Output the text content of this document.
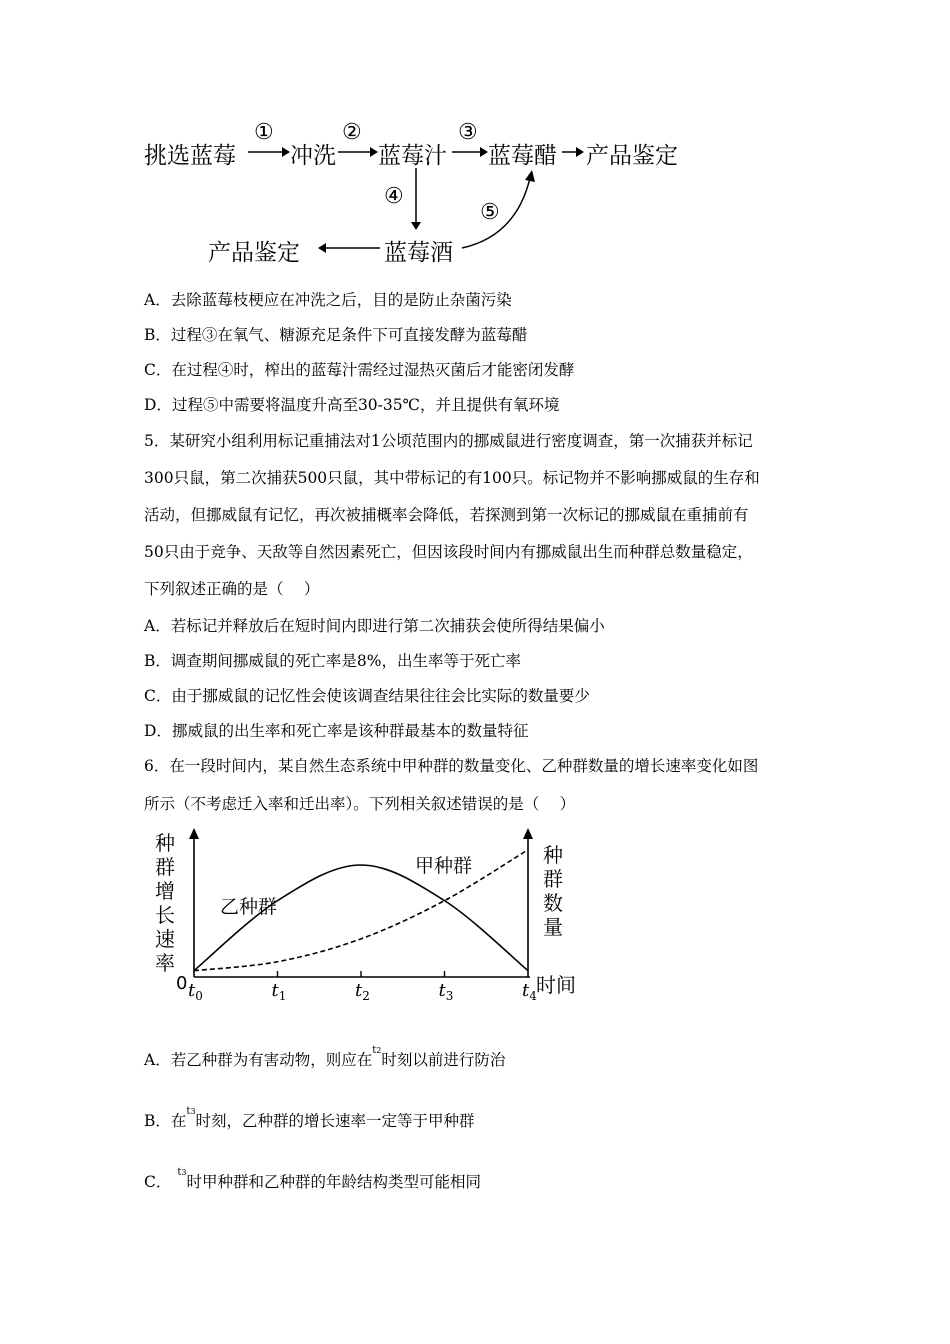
挑选蓝莓
①
冲洗
②
蓝莓汁
③
蓝莓醋 产品鉴定
④
⑤
产品鉴定	蓝莓酒
A．去除蓝莓枝梗应在冲洗之后，目的是防止杂菌污染
B．过程③在氧气、糖源充足条件下可直接发酵为蓝莓醋
C．在过程④时，榨出的蓝莓汁需经过湿热灭菌后才能密闭发酵
D．过程⑤中需要将温度升高至30-35℃，并且提供有氧环境
5．某研究小组利用标记重捕法对1公顷范围内的挪威鼠进行密度调查，第一次捕获并标记
300只鼠，第二次捕获500只鼠，其中带标记的有100只。标记物并不影响挪威鼠的生存和
活动，但挪威鼠有记忆，再次被捕概率会降低，若探测到第一次标记的挪威鼠在重捕前有
50只由于竞争、天敌等自然因素死亡，但因该段时间内有挪威鼠出生而种群总数量稳定，
下列叙述正确的是（　 ）
A．若标记并释放后在短时间内即进行第二次捕获会使所得结果偏小
B．调查期间挪威鼠的死亡率是8%，出生率等于死亡率
C．由于挪威鼠的记忆性会使该调查结果往往会比实际的数量要少
D．挪威鼠的出生率和死亡率是该种群最基本的数量特征
6．在一段时间内，某自然生态系统中甲种群的数量变化、乙种群数量的增长速率变化如图
所示（不考虑迁入率和迁出率）。下列相关叙述错误的是（　 ）
种
群
增
长
速
率
种
群
数
量
0	时间
$t_0$	$t_1$	$t_2$	$t_3$	$t_4$
乙种群
甲种群
A．若乙种群为有害动物，则应在$^{t2}$时刻以前进行防治
B．在$^{t3}$时刻，乙种群的增长速率一定等于甲种群
C．$^{t3}$时甲种群和乙种群的年龄结构类型可能相同
